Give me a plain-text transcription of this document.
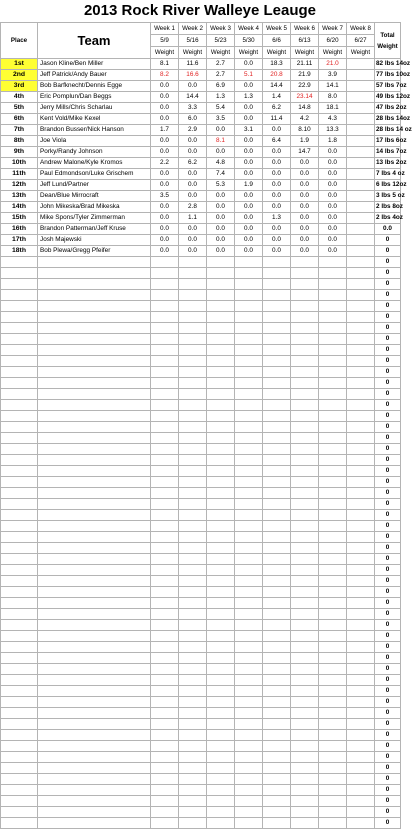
2013 Rock River Walleye Leauge
Place	Team	Week 1	Week 2	Week 3	Week 4	Week 5	Week 6	Week 7	Week 8	Total Weight
		5/9	5/16	5/23	5/30	6/6	6/13	6/20	6/27	
		Weight	Weight	Weight	Weight	Weight	Weight	Weight	Weight	
1st	Jason Kline/Ben Miller	8.1	11.6	2.7	0.0	18.3	21.11	21.0		82 lbs 14oz
2nd	Jeff Patrick/Andy Bauer	8.2	16.6	2.7	5.1	20.8	21.9	3.9		77 lbs 10oz
3rd	Bob Barfknecht/Dennis Egge	0.0	0.0	6.9	0.0	14.4	22.9	14.1		57 lbs 7oz
4th	Eric Pomplun/Dan Beggs	0.0	14.4	1.3	1.3	1.4	23.14	8.0		49 lbs 12oz
5th	Jerry Mills/Chris Scharlau	0.0	3.3	5.4	0.0	6.2	14.8	18.1		47 lbs 2oz
6th	Kent Vold/Mike Kexel	0.0	6.0	3.5	0.0	11.4	4.2	4.3		28 lbs 14oz
7th	Brandon Busser/Nick Hanson	1.7	2.9	0.0	3.1	0.0	8.10	13.3		28 lbs 14 oz
8th	Joe Viola	0.0	0.0	8.1	0.0	6.4	1.9	1.8		17 lbs 6oz
9th	Porky/Randy Johnson	0.0	0.0	0.0	0.0	0.0	14.7	0.0		14 lbs 7oz
10th	Andrew Malone/Kyle Kromos	2.2	6.2	4.8	0.0	0.0	0.0	0.0		13 lbs 2oz
11th	Paul Edmondson/Luke Grischem	0.0	0.0	7.4	0.0	0.0	0.0	0.0		7 lbs 4 oz
12th	Jeff Lund/Partner	0.0	0.0	5.3	1.9	0.0	0.0	0.0		6 lbs 12oz
13th	Dean/Blue Mirrocraft	3.5	0.0	0.0	0.0	0.0	0.0	0.0		3 lbs 5 oz
14th	John Mikeska/Brad Mikeska	0.0	2.8	0.0	0.0	0.0	0.0	0.0		2 lbs 8oz
15th	Mike Spons/Tyler Zimmerman	0.0	1.1	0.0	0.0	1.3	0.0	0.0		2 lbs 4oz
16th	Brandon Patterman/Jeff Kruse	0.0	0.0	0.0	0.0	0.0	0.0	0.0		0.0
17th	Josh Majewski	0.0	0.0	0.0	0.0	0.0	0.0	0.0		0
18th	Bob Plewa/Gregg Pfeifer	0.0	0.0	0.0	0.0	0.0	0.0	0.0		0
										0
										0
										0
										0
										0
										0
										0
										0
										0
										0
										0
										0
										0
										0
										0
										0
										0
										0
										0
										0
										0
										0
										0
										0
										0
										0
										0
										0
										0
										0
										0
										0
										0
										0
										0
										0
										0
										0
										0
										0
										0
										0
										0
										0
										0
										0
										0
										0
										0
										0
										0
										0
